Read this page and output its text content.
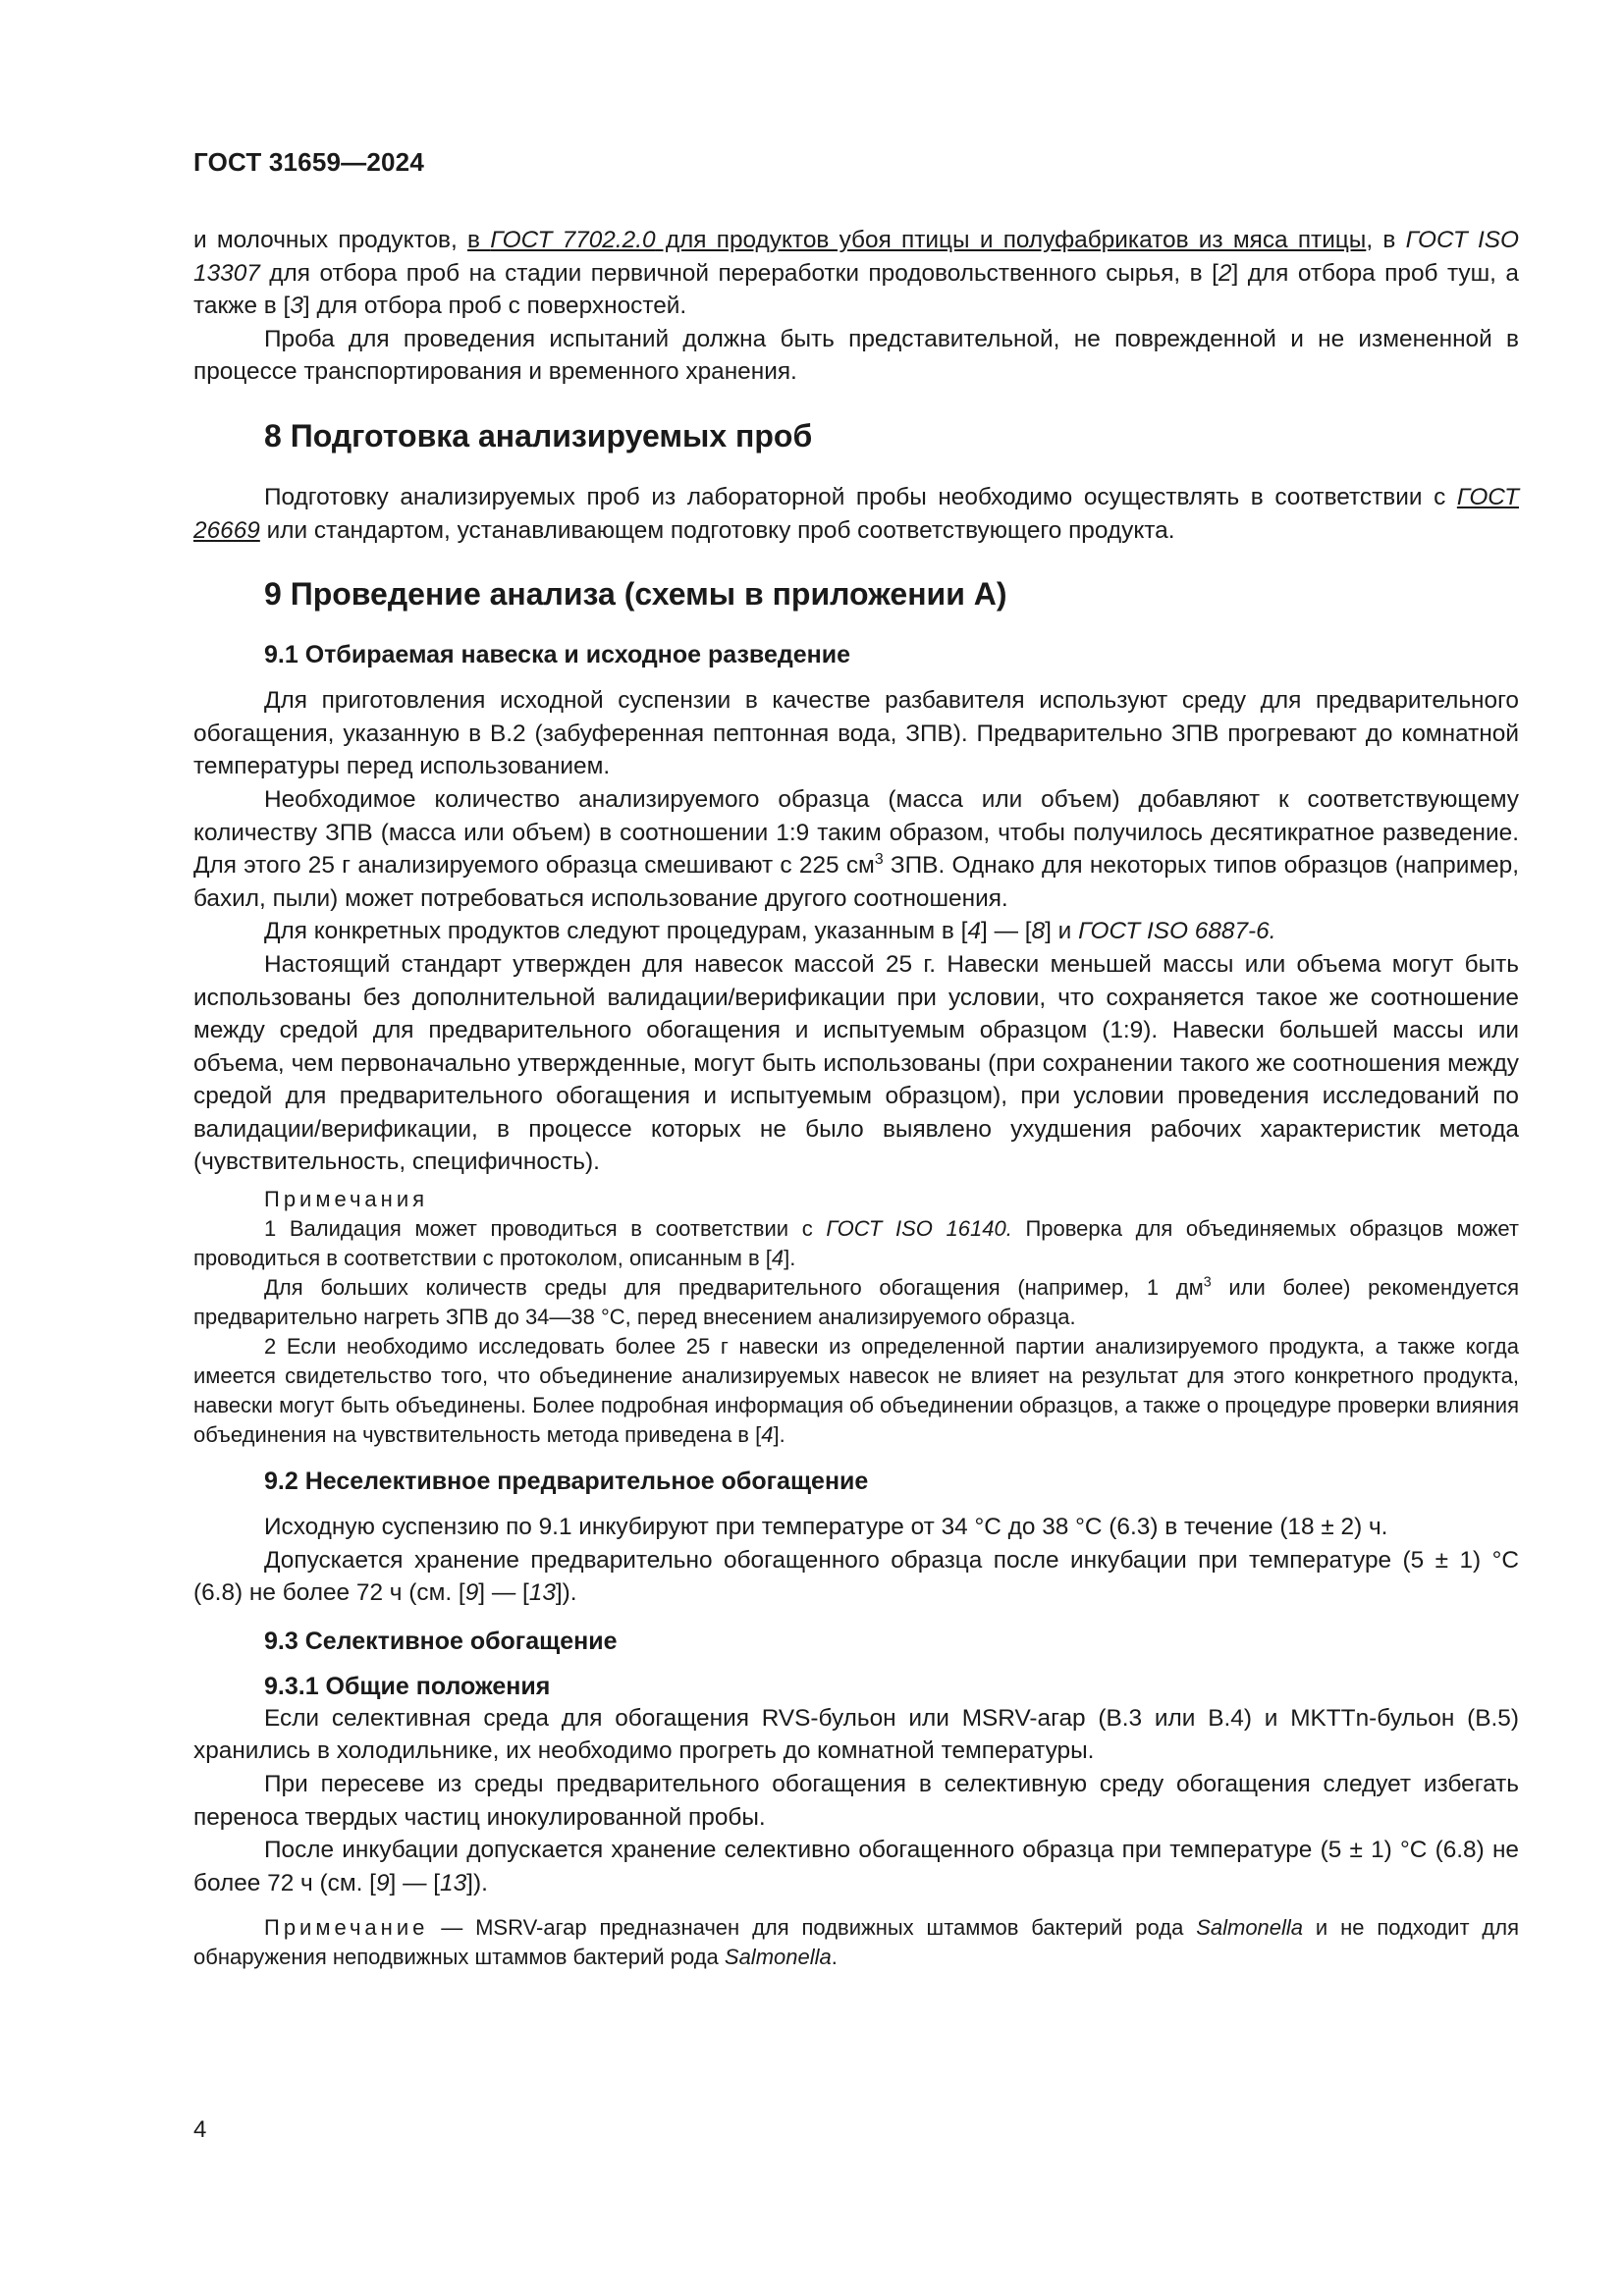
ГОСТ 31659—2024

и молочных продуктов, в ГОСТ 7702.2.0 для продуктов убоя птицы и полуфабрикатов из мяса птицы, в ГОСТ ISO 13307 для отбора проб на стадии первичной переработки продовольственного сырья, в [2] для отбора проб туш, а также в [3] для отбора проб с поверхностей.

Проба для проведения испытаний должна быть представительной, не поврежденной и не измененной в процессе транспортирования и временного хранения.

8 Подготовка анализируемых проб

Подготовку анализируемых проб из лабораторной пробы необходимо осуществлять в соответствии с ГОСТ 26669 или стандартом, устанавливающем подготовку проб соответствующего продукта.

9 Проведение анализа (схемы в приложении А)
9.1 Отбираемая навеска и исходное разведение

Для приготовления исходной суспензии в качестве разбавителя используют среду для предварительного обогащения, указанную в В.2 (забуференная пептонная вода, ЗПВ). Предварительно ЗПВ прогревают до комнатной температуры перед использованием.

Необходимое количество анализируемого образца (масса или объем) добавляют к соответствующему количеству ЗПВ (масса или объем) в соотношении 1:9 таким образом, чтобы получилось десятикратное разведение. Для этого 25 г анализируемого образца смешивают с 225 $см^3$ ЗПВ. Однако для некоторых типов образцов (например, бахил, пыли) может потребоваться использование другого соотношения.

Для конкретных продуктов следуют процедурам, указанным в [4] — [8] и ГОСТ ISO 6887-6.

Настоящий стандарт утвержден для навесок массой 25 г. Навески меньшей массы или объема могут быть использованы без дополнительной валидации/верификации при условии, что сохраняется такое же соотношение между средой для предварительного обогащения и испытуемым образцом (1:9). Навески большей массы или объема, чем первоначально утвержденные, могут быть использованы (при сохранении такого же соотношения между средой для предварительного обогащения и испытуемым образцом), при условии проведения исследований по валидации/верификации, в процессе которых не было выявлено ухудшения рабочих характеристик метода (чувствительность, специфичность).

Примечания

1 Валидация может проводиться в соответствии с ГОСТ ISO 16140. Проверка для объединяемых образцов может проводиться в соответствии с протоколом, описанным в [4].

Для больших количеств среды для предварительного обогащения (например, 1 $дм^3$ или более) рекомендуется предварительно нагреть ЗПВ до 34—38 °С, перед внесением анализируемого образца.

2 Если необходимо исследовать более 25 г навески из определенной партии анализируемого продукта, а также когда имеется свидетельство того, что объединение анализируемых навесок не влияет на результат для этого конкретного продукта, навески могут быть объединены. Более подробная информация об объединении образцов, а также о процедуре проверки влияния объединения на чувствительность метода приведена в [4].

9.2 Неселективное предварительное обогащение

Исходную суспензию по 9.1 инкубируют при температуре от 34 °С до 38 °С (6.3) в течение (18 ± 2) ч.

Допускается хранение предварительно обогащенного образца после инкубации при температуре (5 ± 1) °С (6.8) не более 72 ч (см. [9] — [13]).

9.3 Селективное обогащение
9.3.1 Общие положения

Если селективная среда для обогащения RVS-бульон или MSRV-агар (В.3 или В.4) и MKTTn-бульон (В.5) хранились в холодильнике, их необходимо прогреть до комнатной температуры.

При пересеве из среды предварительного обогащения в селективную среду обогащения следует избегать переноса твердых частиц инокулированной пробы.

После инкубации допускается хранение селективно обогащенного образца при температуре (5 ± 1) °С (6.8) не более 72 ч (см. [9] — [13]).

Примечание — MSRV-агар предназначен для подвижных штаммов бактерий рода Salmonella и не подходит для обнаружения неподвижных штаммов бактерий рода Salmonella.

4
